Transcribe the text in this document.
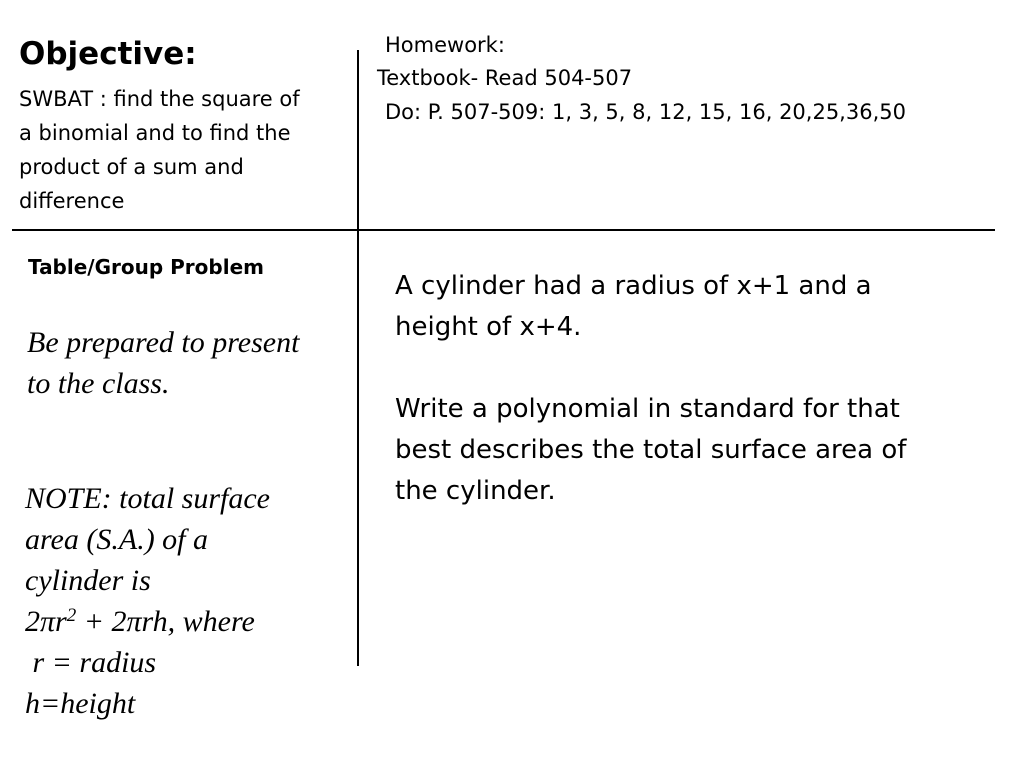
Objective:
SWBAT : find the square of
a binomial and to find the
product of a sum and
difference
Homework:
Textbook- Read 504-507
Do: P. 507-509: 1, 3, 5, 8, 12, 15, 16, 20,25,36,50
Table/Group Problem
Be prepared to present
to the class.
NOTE: total surface
area (S.A.) of a
cylinder is
$2\pi r^2 + 2\pi rh$, where
r = radius
h=height

A cylinder had a radius of x+1 and a height of x+4.

Write a polynomial in standard for that best describes the total surface area of the cylinder.
